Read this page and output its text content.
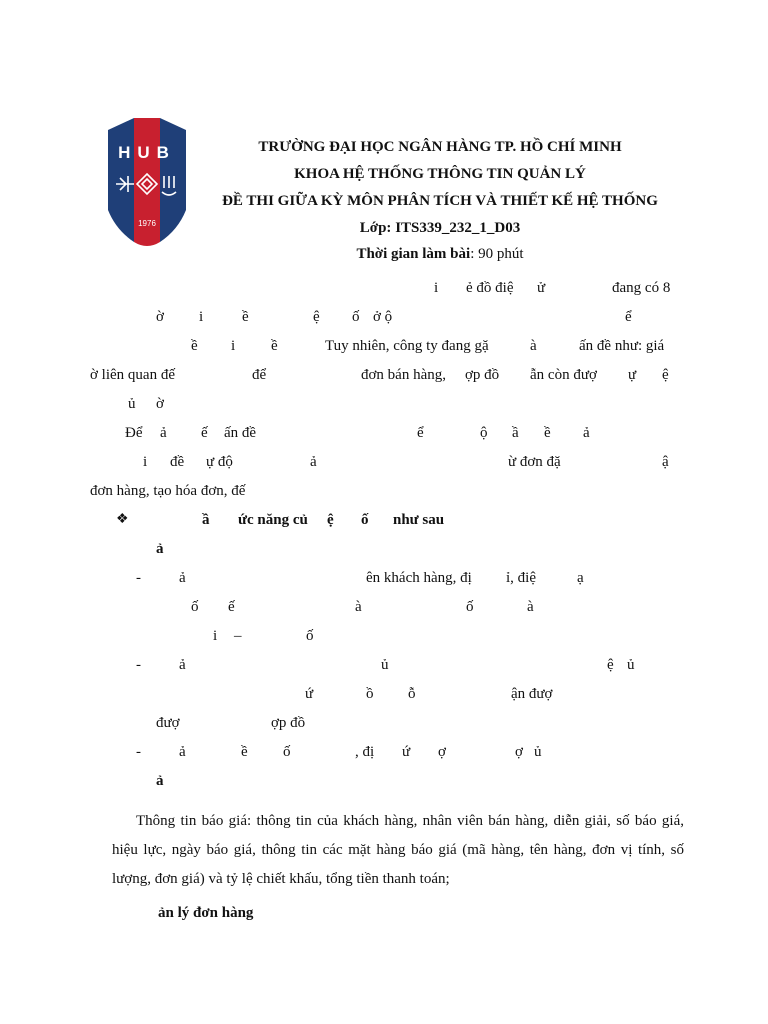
HUB
1976
TRƯỜNG ĐẠI HỌC NGÂN HÀNG TP. HỒ CHÍ MINH
KHOA HỆ THỐNG THÔNG TIN QUẢN LÝ
ĐỀ THI GIỮA KỲ MÔN PHÂN TÍCH VÀ THIẾT KẾ HỆ THỐNG
Lớp: ITS339_232_1_D03
Thời gian làm bài: 90 phút
i ẻ đồ điệ ử	đang có 8
ờ i	ề	ệ ố ở ộ	ể
ề i ề	Tuy nhiên, công ty đang gặ	à	ấn đề như: giá
ờ liên quan đế	để	đơn bán hàng, ợp đồ ẫn còn đượ ự ệ
ủ ờ
Để ả ế ấn đề	ể	ộ ầ ề ả
i đề ự độ	ả	ừ đơn đặ	ậ
đơn hàng, tạo hóa đơn, đế
❖	ầ ức năng củ ệ ố như sau
ả
-	ả	ên khách hàng, đị ỉ, điệ	ạ
ố ế	à	ố	à
i –	ố
-	ả	ủ	ệ ủ
ứ	ồ ỗ	ận đượ
đượ	ợp đồ
-	ả	ề ố	, đị ứ ợ	ợ ủ
ả
Thông tin báo giá: thông tin của khách hàng, nhân viên bán hàng, diễn giải, số báo giá, hiệu lực, ngày báo giá, thông tin các mặt hàng báo giá (mã hàng, tên hàng, đơn vị tính, số lượng, đơn giá) và tỷ lệ chiết khấu, tổng tiền thanh toán;
ản lý đơn hàng
